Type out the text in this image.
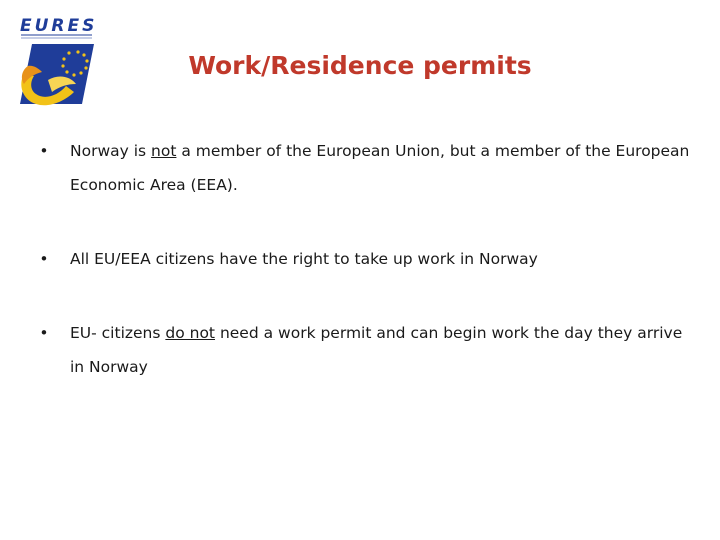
EURES
Work/Residence permits
•	Norway is not a member of the European Union, but a member of the European Economic Area (EEA).
•	All EU/EEA citizens have the right to take up work in Norway
•	EU- citizens do not need a work permit and can begin work the day they arrive in Norway
